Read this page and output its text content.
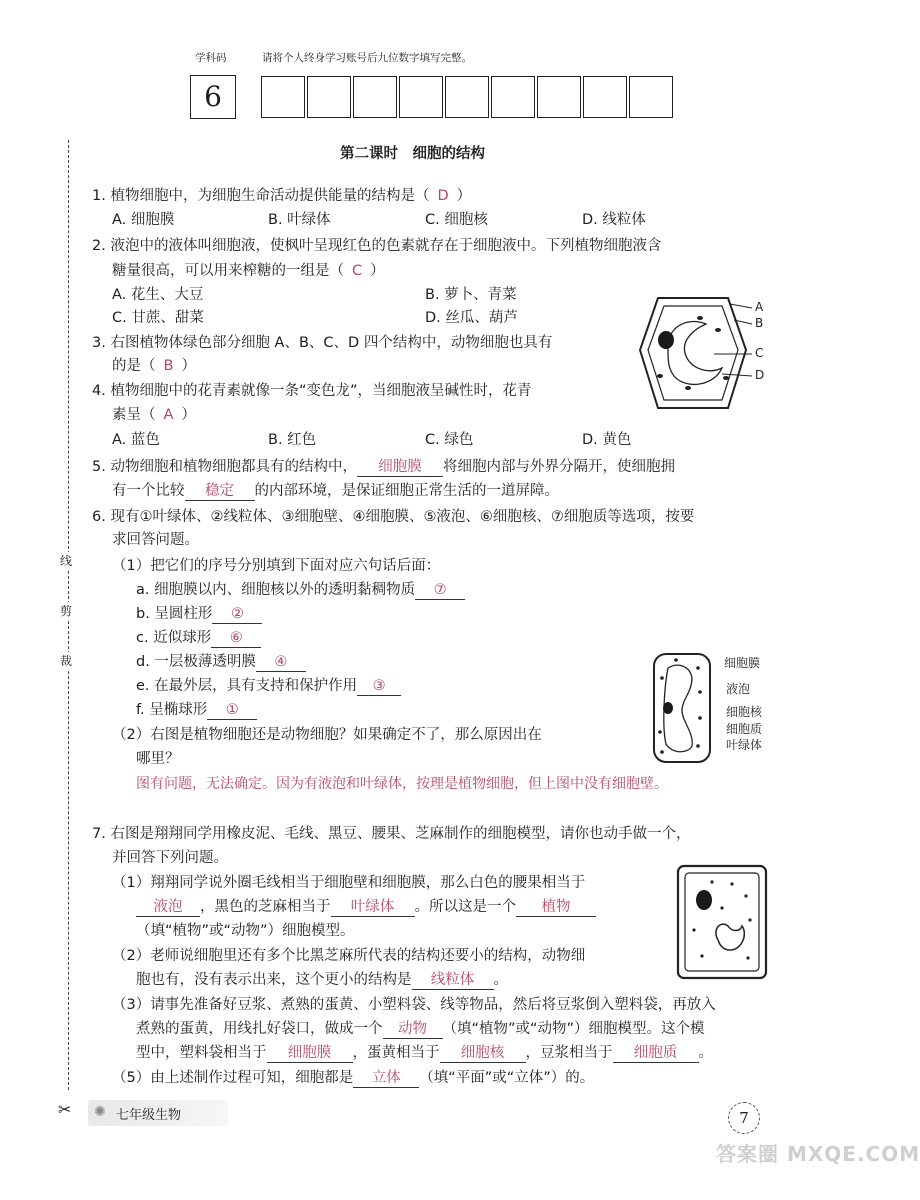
学科码	请将个人终身学习账号后九位数字填写完整。
6
线
剪
裁
✂
第二课时　细胞的结构
1. 植物细胞中，为细胞生命活动提供能量的结构是（ D ）
A. 细胞膜	B. 叶绿体	C. 细胞核	D. 线粒体
2. 液泡中的液体叫细胞液，使枫叶呈现红色的色素就存在于细胞液中。下列植物细胞液含
糖量很高，可以用来榨糖的一组是（ C ）
A. 花生、大豆	B. 萝卜、青菜
C. 甘蔗、甜菜	D. 丝瓜、葫芦
A
B
C
D
3. 右图植物体绿色部分细胞 A、B、C、D 四个结构中，动物细胞也具有
的是（ B ）
4. 植物细胞中的花青素就像一条“变色龙”，当细胞液呈碱性时，花青
素呈（ A ）
A. 蓝色	B. 红色	C. 绿色	D. 黄色
5. 动物细胞和植物细胞都具有的结构中， 细胞膜 将细胞内部与外界分隔开，使细胞拥
有一个比较 稳定 的内部环境，是保证细胞正常生活的一道屏障。
6. 现有①叶绿体、②线粒体、③细胞壁、④细胞膜、⑤液泡、⑥细胞核、⑦细胞质等选项，按要
求回答问题。
（1）把它们的序号分别填到下面对应六句话后面：
a. 细胞膜以内、细胞核以外的透明黏稠物质 ⑦
b. 呈圆柱形 ②
c. 近似球形 ⑥
d. 一层极薄透明膜 ④
e. 在最外层，具有支持和保护作用 ③
f. 呈椭球形 ①
（2）右图是植物细胞还是动物细胞？如果确定不了，那么原因出在
哪里？
图有问题，无法确定。因为有液泡和叶绿体，按理是植物细胞，但上图中没有细胞壁。
细胞膜
液泡
细胞核
细胞质
叶绿体
7. 右图是翔翔同学用橡皮泥、毛线、黑豆、腰果、芝麻制作的细胞模型，请你也动手做一个，
并回答下列问题。
（1）翔翔同学说外圈毛线相当于细胞壁和细胞膜，那么白色的腰果相当于
液泡 ，黑色的芝麻相当于 叶绿体 。所以这是一个 植物
（填“植物”或“动物”）细胞模型。
（2）老师说细胞里还有多个比黑芝麻所代表的结构还要小的结构，动物细
胞也有，没有表示出来，这个更小的结构是 线粒体 。
（3）请事先准备好豆浆、煮熟的蛋黄、小塑料袋、线等物品，然后将豆浆倒入塑料袋，再放入
煮熟的蛋黄，用线扎好袋口，做成一个 动物 （填“植物”或“动物”）细胞模型。这个模
型中，塑料袋相当于 细胞膜 ，蛋黄相当于 细胞核 ，豆浆相当于 细胞质 。
（5）由上述制作过程可知，细胞都是 立体 （填“平面”或“立体”）的。
✺ 七年级生物	7
答案圈 MXQE.COM
